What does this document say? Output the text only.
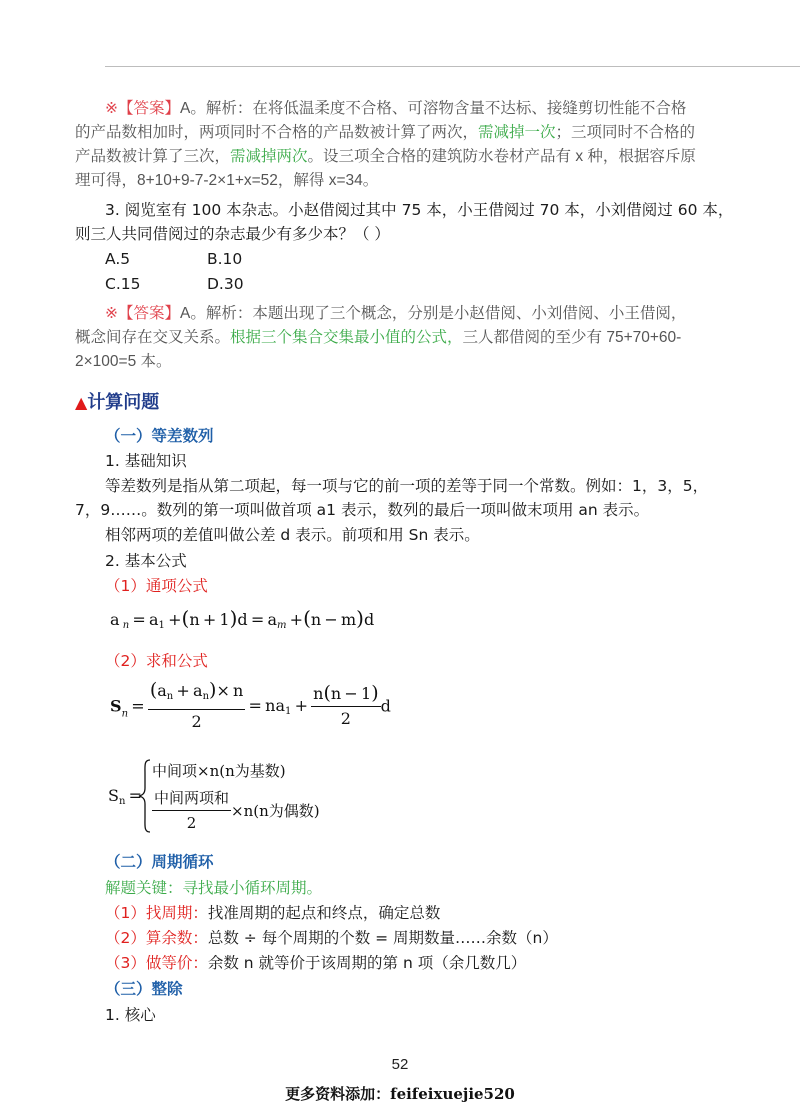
※【答案】A。解析：在将低温柔度不合格、可溶物含量不达标、接缝剪切性能不合格
的产品数相加时，两项同时不合格的产品数被计算了两次，需减掉一次；三项同时不合格的
产品数被计算了三次，需减掉两次。设三项全合格的建筑防水卷材产品有 x 种，根据容斥原
理可得，8+10+9-7-2×1+x=52，解得 x=34。
3. 阅览室有 100 本杂志。小赵借阅过其中 75 本，小王借阅过 70 本，小刘借阅过 60 本，
则三人共同借阅过的杂志最少有多少本？（ ）
A.5	B.10
C.15	D.30
※【答案】A。解析：本题出现了三个概念，分别是小赵借阅、小刘借阅、小王借阅，
概念间存在交叉关系。根据三个集合交集最小值的公式，三人都借阅的至少有 75+70+60-
2×100=5 本。
▲计算问题
（一）等差数列
1. 基础知识
等差数列是指从第二项起，每一项与它的前一项的差等于同一个常数。例如：1，3，5，
7，9……。数列的第一项叫做首项 a1 表示，数列的最后一项叫做末项用 an 表示。
相邻两项的差值叫做公差 d 表示。前项和用 Sn 表示。
2. 基本公式
（1）通项公式
a $n = a_1 +(n + 1)d$ = am +(n − m)d
（2）求和公式
$S_n = \frac{(a_n + a_n)\times n}{2} = na_1 + \frac{n(n - 1)}{2}$ d
$S_n$ =
中间项×n(n为基数)
$\frac{\text{中间两项和}}{2} \times n(n$为偶数)
（二）周期循环
解题关键：寻找最小循环周期。
（1）找周期：找准周期的起点和终点，确定总数
（2）算余数：总数 ÷ 每个周期的个数 = 周期数量……余数（n）
（3）做等价：余数 n 就等价于该周期的第 n 项（余几数几）
（三）整除
1. 核心
52
更多资料添加：feifeixuejie520
